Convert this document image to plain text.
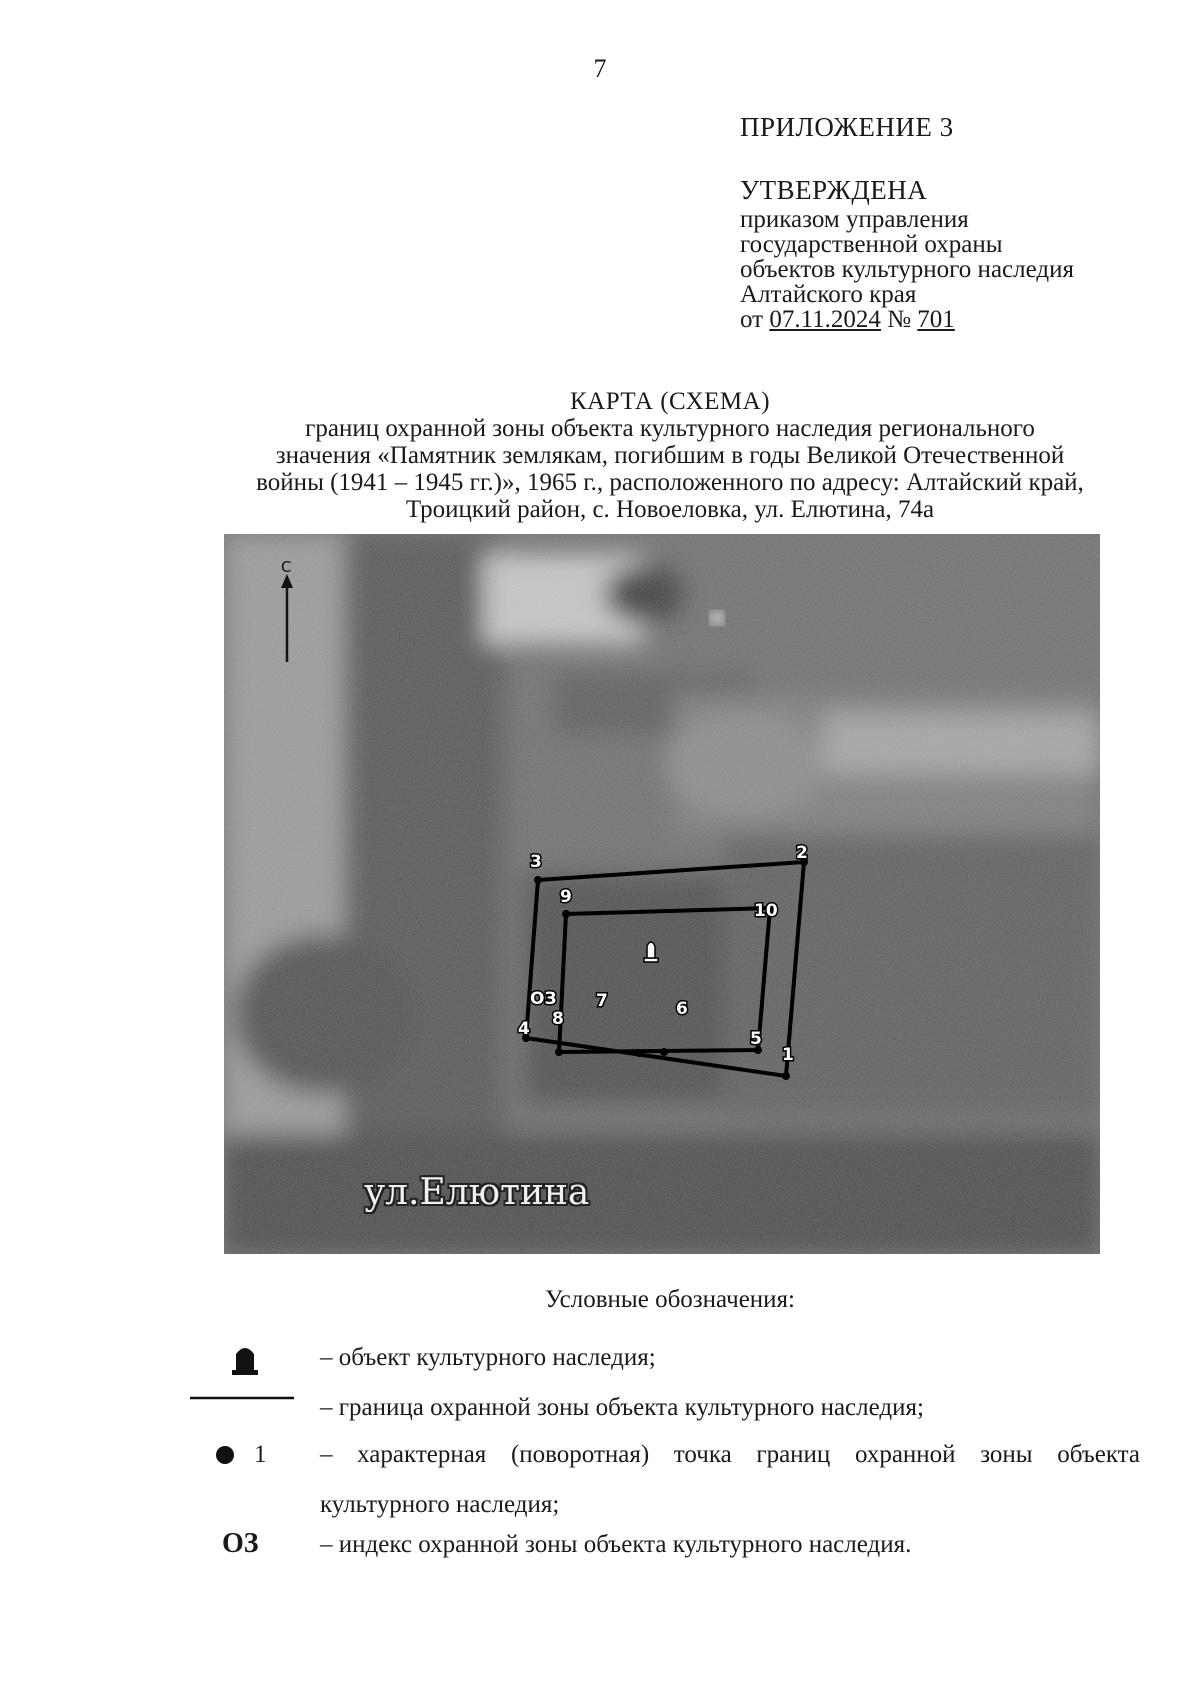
7
ПРИЛОЖЕНИЕ 3
УТВЕРЖДЕНА
приказом управления
государственной охраны
объектов культурного наследия
Алтайского края
от 07.11.2024 № 701
КАРТА (СХЕМА)
границ охранной зоны объекта культурного наследия регионального
значения «Памятник землякам, погибшим в годы Великой Отечественной
войны (1941 – 1945 гг.)», 1965 г., расположенного по адресу: Алтайский край,
Троицкий район, с. Новоеловка, ул. Елютина, 74а
С
1
2
3
4	5
6
7
8
9
10
ОЗ
ул.Елютина
Условные обозначения:
– объект культурного наследия;
– граница охранной зоны объекта культурного наследия;
1 – характерная (поворотная) точка границ охранной зоны объекта культурного наследия;
ОЗ – индекс охранной зоны объекта культурного наследия.
